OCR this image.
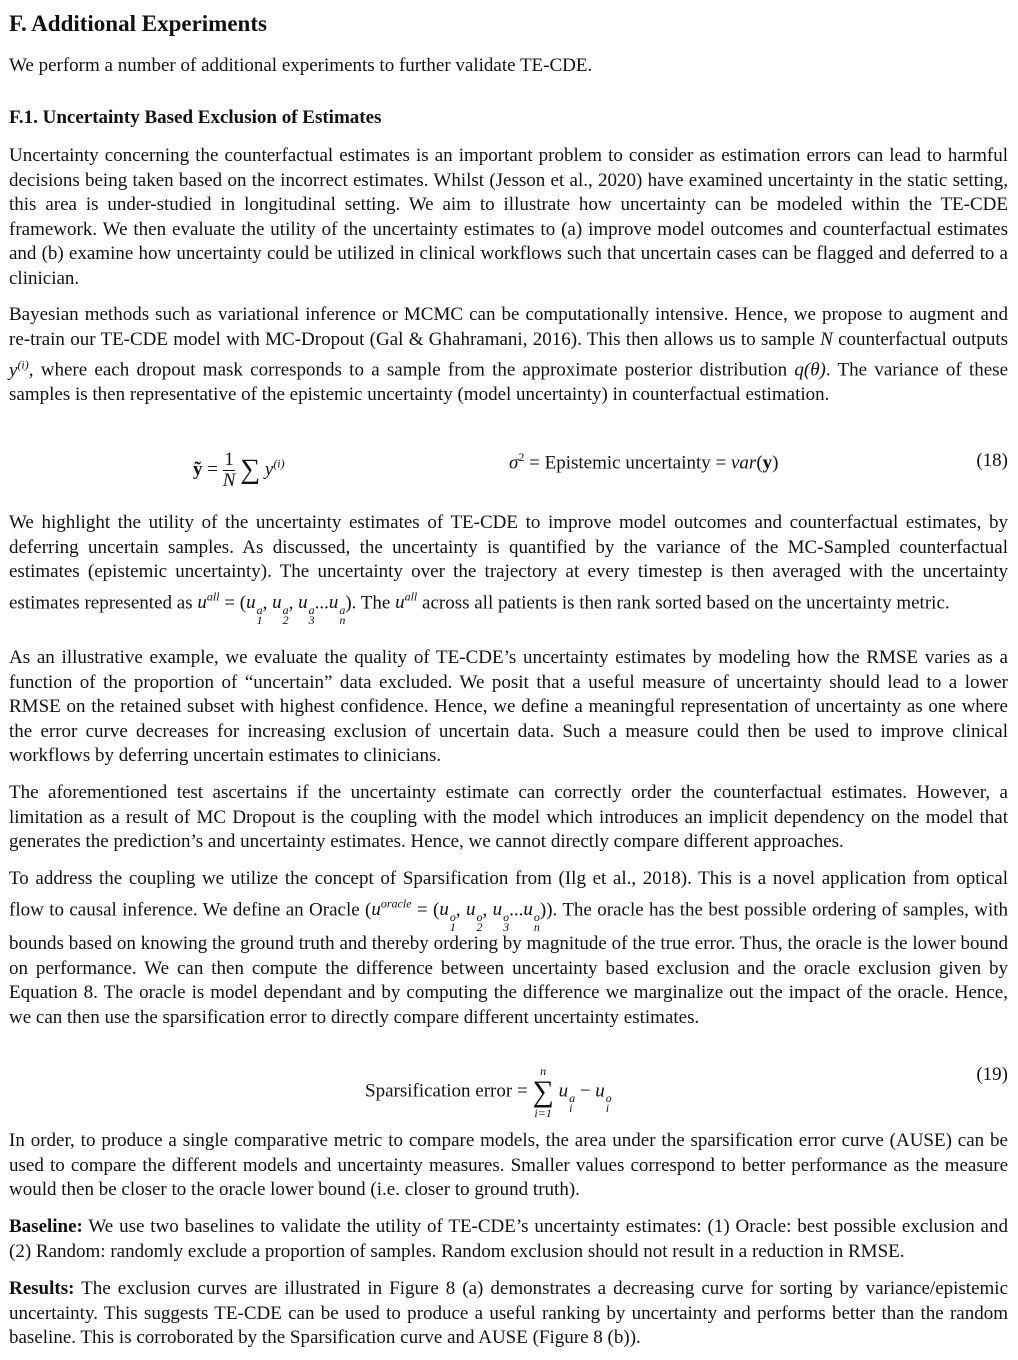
F. Additional Experiments

We perform a number of additional experiments to further validate TE-CDE.

F.1. Uncertainty Based Exclusion of Estimates

Uncertainty concerning the counterfactual estimates is an important problem to consider as estimation errors can lead to harmful decisions being taken based on the incorrect estimates. Whilst (Jesson et al., 2020) have examined uncertainty in the static setting, this area is under-studied in longitudinal setting. We aim to illustrate how uncertainty can be modeled within the TE-CDE framework. We then evaluate the utility of the uncertainty estimates to (a) improve model outcomes and counterfactual estimates and (b) examine how uncertainty could be utilized in clinical workflows such that uncertain cases can be flagged and deferred to a clinician.

Bayesian methods such as variational inference or MCMC can be computationally intensive. Hence, we propose to augment and re-train our TE-CDE model with MC-Dropout (Gal & Ghahramani, 2016). This then allows us to sample N counterfactual outputs $y^{(i)}$, where each dropout mask corresponds to a sample from the approximate posterior distribution q(θ). The variance of these samples is then representative of the epistemic uncertainty (model uncertainty) in counterfactual estimation.

ỹ = $\frac{1}{N}$ ∑ $y^{(i)}$	$\sigma^2$ = Epistemic uncertainty = var(y)	(18)

We highlight the utility of the uncertainty estimates of TE-CDE to improve model outcomes and counterfactual estimates, by deferring uncertain samples. As discussed, the uncertainty is quantified by the variance of the MC-Sampled counterfactual estimates (epistemic uncertainty). The uncertainty over the trajectory at every timestep is then averaged with the uncertainty estimates represented as $u^{all} = (u$ a
1
, u a
2
, u a
3
...u a
n
). The $u^{all}$ across all patients is then rank sorted based on the uncertainty metric.

As an illustrative example, we evaluate the quality of TE-CDE’s uncertainty estimates by modeling how the RMSE varies as a function of the proportion of “uncertain” data excluded. We posit that a useful measure of uncertainty should lead to a lower RMSE on the retained subset with highest confidence. Hence, we define a meaningful representation of uncertainty as one where the error curve decreases for increasing exclusion of uncertain data. Such a measure could then be used to improve clinical workflows by deferring uncertain estimates to clinicians.

The aforementioned test ascertains if the uncertainty estimate can correctly order the counterfactual estimates. However, a limitation as a result of MC Dropout is the coupling with the model which introduces an implicit dependency on the model that generates the prediction’s and uncertainty estimates. Hence, we cannot directly compare different approaches.

To address the coupling we utilize the concept of Sparsification from (Ilg et al., 2018). This is a novel application from optical flow to causal inference. We define an Oracle ($u^{oracle} = (u$ o
1
, u o
2
, u o
3
...u o
n
)). The oracle has the best possible ordering of samples, with bounds based on knowing the ground truth and thereby ordering by magnitude of the true error. Thus, the oracle is the lower bound on performance. We can then compute the difference between uncertainty based exclusion and the oracle exclusion given by Equation 8. The oracle is model dependant and by computing the difference we marginalize out the impact of the oracle. Hence, we can then use the sparsification error to directly compare different uncertainty estimates.

Sparsification error =
n
∑
i=1
u a
i
− u o
i
(19)

In order, to produce a single comparative metric to compare models, the area under the sparsification error curve (AUSE) can be used to compare the different models and uncertainty measures. Smaller values correspond to better performance as the measure would then be closer to the oracle lower bound (i.e. closer to ground truth).

Baseline: We use two baselines to validate the utility of TE-CDE’s uncertainty estimates: (1) Oracle: best possible exclusion and (2) Random: randomly exclude a proportion of samples. Random exclusion should not result in a reduction in RMSE.

Results: The exclusion curves are illustrated in Figure 8 (a) demonstrates a decreasing curve for sorting by variance/epistemic uncertainty. This suggests TE-CDE can be used to produce a useful ranking by uncertainty and performs better than the random baseline. This is corroborated by the Sparsification curve and AUSE (Figure 8 (b)).
